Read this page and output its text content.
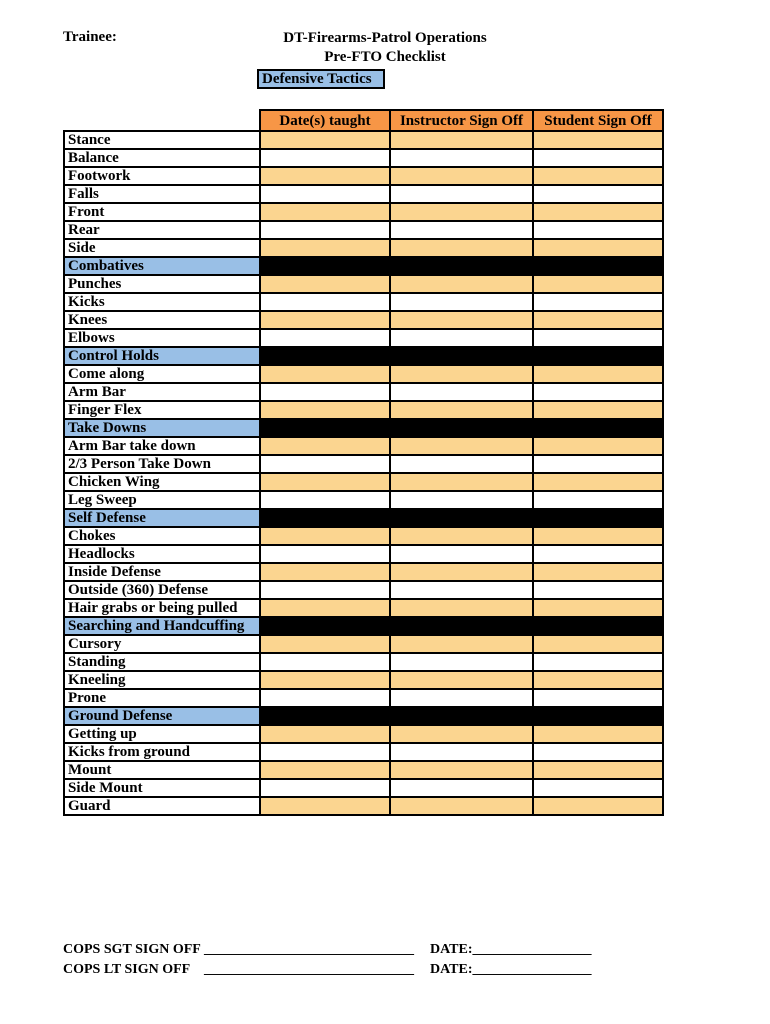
Trainee:	DT-Firearms-Patrol Operations
Pre-FTO Checklist
Defensive Tactics
	Date(s) taught	Instructor Sign Off	Student Sign Off
Stance			
Balance			
Footwork			
Falls			
Front			
Rear			
Side			
Combatives			
Punches			
Kicks			
Knees			
Elbows			
Control Holds			
Come along			
Arm Bar			
Finger Flex			
Take Downs			
Arm Bar take down			
2/3 Person Take Down			
Chicken Wing			
Leg Sweep			
Self Defense			
Chokes			
Headlocks			
Inside Defense			
Outside (360) Defense			
Hair grabs or being pulled			
Searching and Handcuffing			
Cursory			
Standing			
Kneeling			
Prone			
Ground Defense			
Getting up			
Kicks from ground			
Mount			
Side Mount			
Guard			
COPS SGT SIGN OFF ______________________________	DATE:_________________
COPS LT SIGN OFF ______________________________	DATE:_________________
